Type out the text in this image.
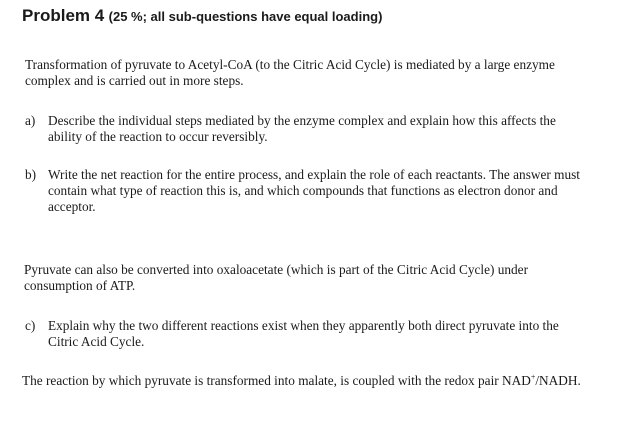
Problem 4 (25 %; all sub-questions have equal loading)
Transformation of pyruvate to Acetyl-CoA (to the Citric Acid Cycle) is mediated by a large enzyme
complex and is carried out in more steps.
a) Describe the individual steps mediated by the enzyme complex and explain how this affects the
ability of the reaction to occur reversibly.
b) Write the net reaction for the entire process, and explain the role of each reactants. The answer must
contain what type of reaction this is, and which compounds that functions as electron donor and
acceptor.
Pyruvate can also be converted into oxaloacetate (which is part of the Citric Acid Cycle) under
consumption of ATP.
c) Explain why the two different reactions exist when they apparently both direct pyruvate into the
Citric Acid Cycle.
The reaction by which pyruvate is transformed into malate, is coupled with the redox pair NAD+/NADH.
